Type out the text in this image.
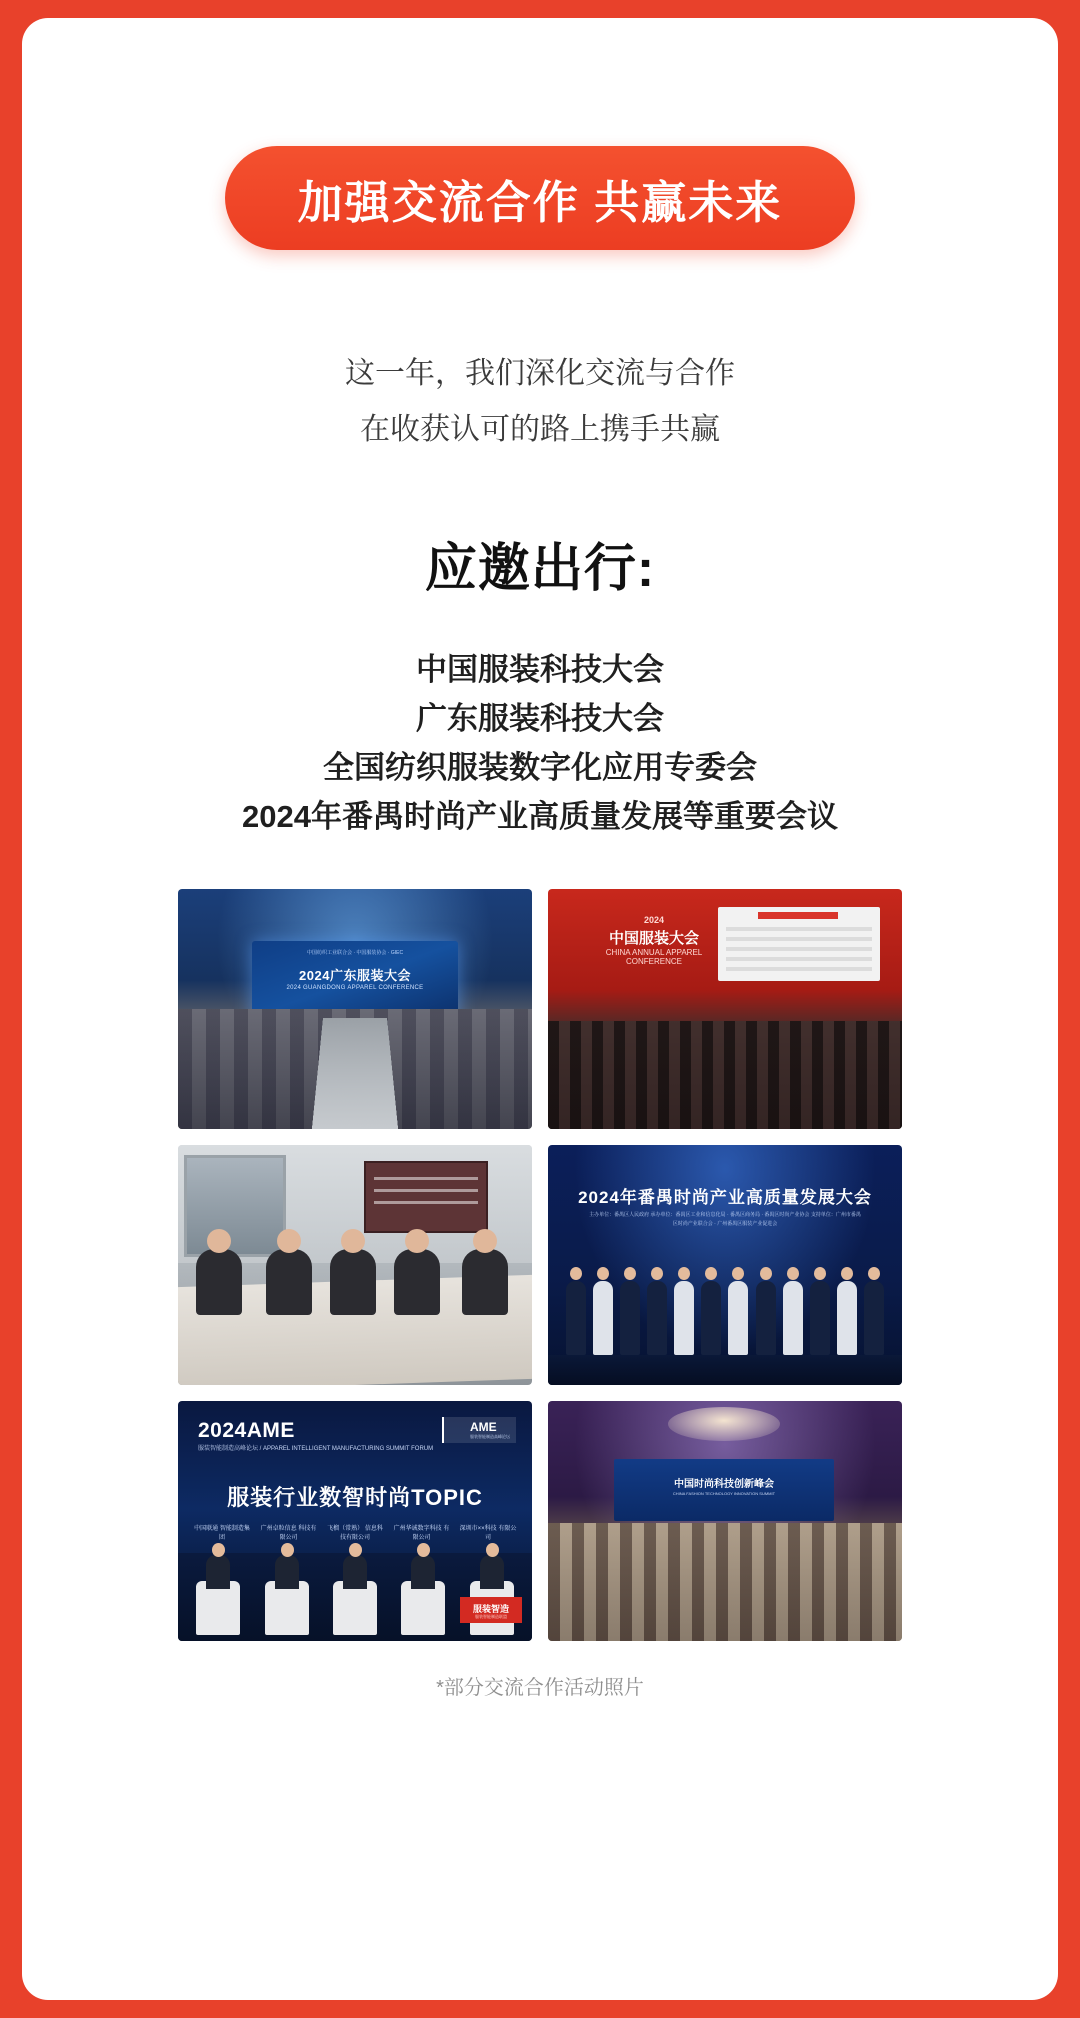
加强交流合作 共赢未来
这一年，我们深化交流与合作
在收获认可的路上携手共赢
应邀出行:
中国服装科技大会
广东服装科技大会
全国纺织服装数字化应用专委会
2024年番禺时尚产业高质量发展等重要会议
中国纺织工业联合会 · 中国服装协会 · GIEC
2024广东服装大会
2024 GUANGDONG APPAREL CONFERENCE
2024
中国服装大会
CHINA ANNUAL APPAREL CONFERENCE
2024年番禺时尚产业高质量发展大会
主办单位：番禺区人民政府 承办单位：番禺区工业和信息化局 · 番禺区商务局 · 番禺区时尚产业协会 支持单位：广州市番禺区时尚产业联合会 · 广州番禺区服装产业促进会
2024AME
服装智能制造高峰论坛 / APPAREL INTELLIGENT MANUFACTURING SUMMIT FORUM
AME
服装智能制造高峰论坛
服装行业数智时尚TOPIC
中国联通 智能制造集团
广州卓粒信息 科技有限公司
飞榴（常熟） 信息科技有限公司
广州华诚数字科技 有限公司
深圳市××科技 有限公司
服装智造
服装智能制造联盟
中国时尚科技创新峰会
CHINA FASHION TECHNOLOGY INNOVATION SUMMIT
*部分交流合作活动照片
